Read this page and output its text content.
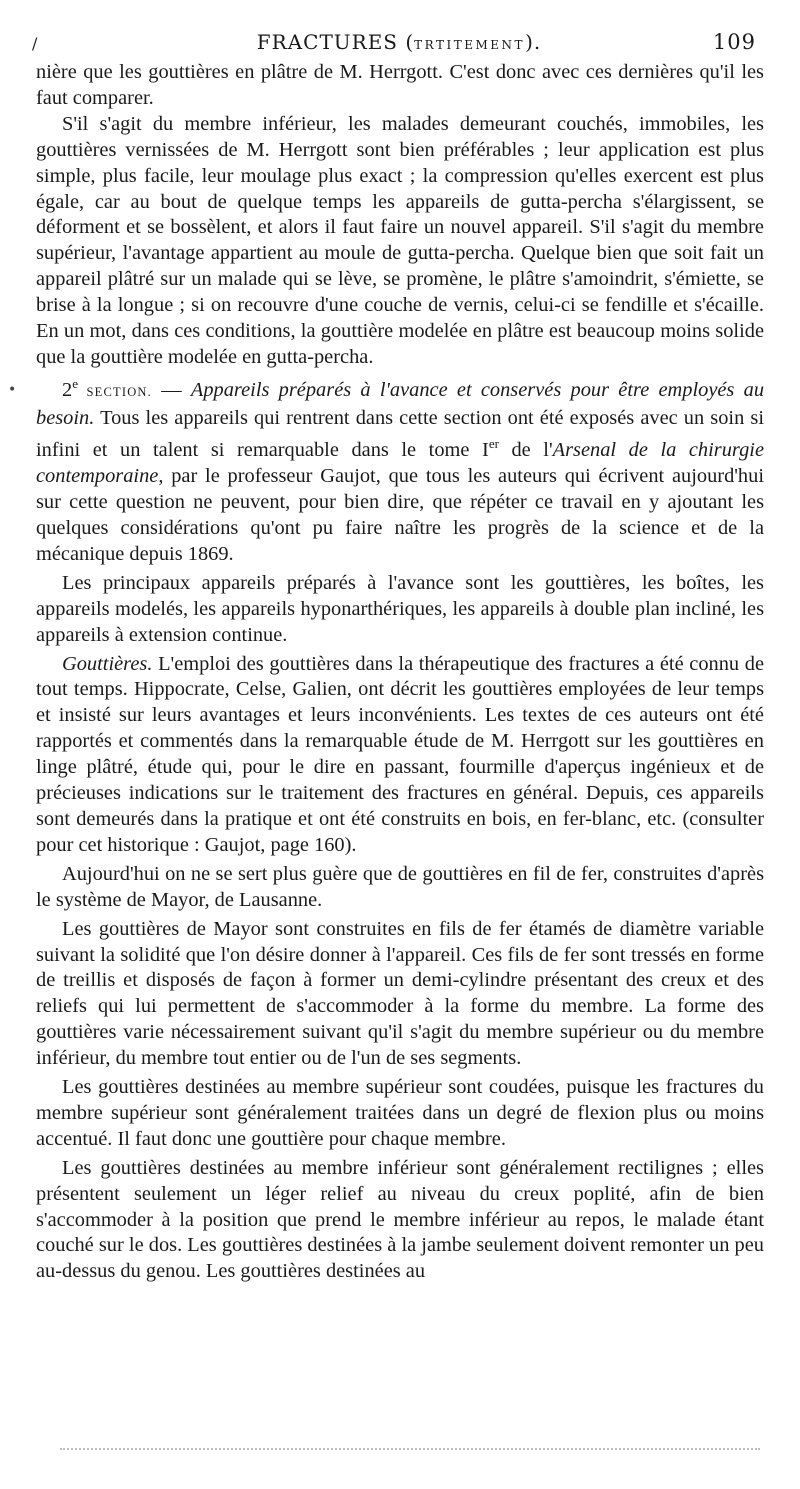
/	FRACTURES (TRTITEMENT).	109
•

nière que les gouttières en plâtre de M. Herrgott. C'est donc avec ces dernières qu'il les faut comparer.

S'il s'agit du membre inférieur, les malades demeurant couchés, immobiles, les gouttières vernissées de M. Herrgott sont bien préférables ; leur application est plus simple, plus facile, leur moulage plus exact ; la compression qu'elles exercent est plus égale, car au bout de quelque temps les appareils de gutta-percha s'élargissent, se déforment et se bossèlent, et alors il faut faire un nouvel appareil. S'il s'agit du membre supérieur, l'avantage appartient au moule de gutta-percha. Quelque bien que soit fait un appareil plâtré sur un malade qui se lève, se promène, le plâtre s'amoindrit, s'émiette, se brise à la longue ; si on recouvre d'une couche de vernis, celui-ci se fendille et s'écaille. En un mot, dans ces conditions, la gouttière modelée en plâtre est beaucoup moins solide que la gouttière modelée en gutta-percha.

2e SECTION. — Appareils préparés à l'avance et conservés pour être employés au besoin. Tous les appareils qui rentrent dans cette section ont été exposés avec un soin si infini et un talent si remarquable dans le tome Ier de l'Arsenal de la chirurgie contemporaine, par le professeur Gaujot, que tous les auteurs qui écrivent aujourd'hui sur cette question ne peuvent, pour bien dire, que répéter ce travail en y ajoutant les quelques considérations qu'ont pu faire naître les progrès de la science et de la mécanique depuis 1869.

Les principaux appareils préparés à l'avance sont les gouttières, les boîtes, les appareils modelés, les appareils hyponarthériques, les appareils à double plan incliné, les appareils à extension continue.

Gouttières. L'emploi des gouttières dans la thérapeutique des fractures a été connu de tout temps. Hippocrate, Celse, Galien, ont décrit les gouttières employées de leur temps et insisté sur leurs avantages et leurs inconvénients. Les textes de ces auteurs ont été rapportés et commentés dans la remarquable étude de M. Herrgott sur les gouttières en linge plâtré, étude qui, pour le dire en passant, fourmille d'aperçus ingénieux et de précieuses indications sur le traitement des fractures en général. Depuis, ces appareils sont demeurés dans la pratique et ont été construits en bois, en fer-blanc, etc. (consulter pour cet historique : Gaujot, page 160).

Aujourd'hui on ne se sert plus guère que de gouttières en fil de fer, construites d'après le système de Mayor, de Lausanne.

Les gouttières de Mayor sont construites en fils de fer étamés de diamètre variable suivant la solidité que l'on désire donner à l'appareil. Ces fils de fer sont tressés en forme de treillis et disposés de façon à former un demi-cylindre présentant des creux et des reliefs qui lui permettent de s'accommoder à la forme du membre. La forme des gouttières varie nécessairement suivant qu'il s'agit du membre supérieur ou du membre inférieur, du membre tout entier ou de l'un de ses segments.

Les gouttières destinées au membre supérieur sont coudées, puisque les fractures du membre supérieur sont généralement traitées dans un degré de flexion plus ou moins accentué. Il faut donc une gouttière pour chaque membre.

Les gouttières destinées au membre inférieur sont généralement rectilignes ; elles présentent seulement un léger relief au niveau du creux poplité, afin de bien s'accommoder à la position que prend le membre inférieur au repos, le malade étant couché sur le dos. Les gouttières destinées à la jambe seulement doivent remonter un peu au-dessus du genou. Les gouttières destinées au
